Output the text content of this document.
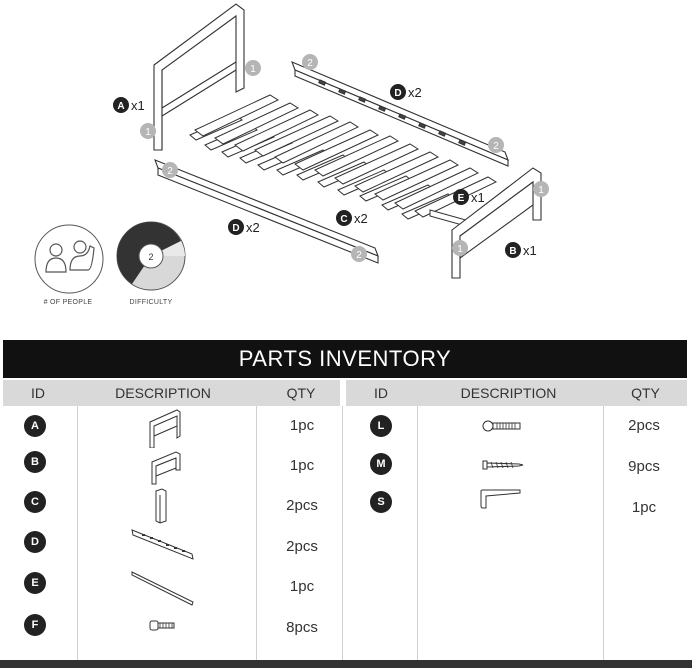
1
1
2
2
2
2
1
1
A
D
D
C
E
B
x1
x2
x2
x2
x1
x1
# OF PEOPLE
2
DIFFICULTY
PARTS INVENTORY
ID	DESCRIPTION	QTY	ID	DESCRIPTION	QTY
A	1pc
B	1pc
C	2pcs
D	2pcs
E	1pc
F	8pcs
L	2pcs
M	9pcs
S	1pc
